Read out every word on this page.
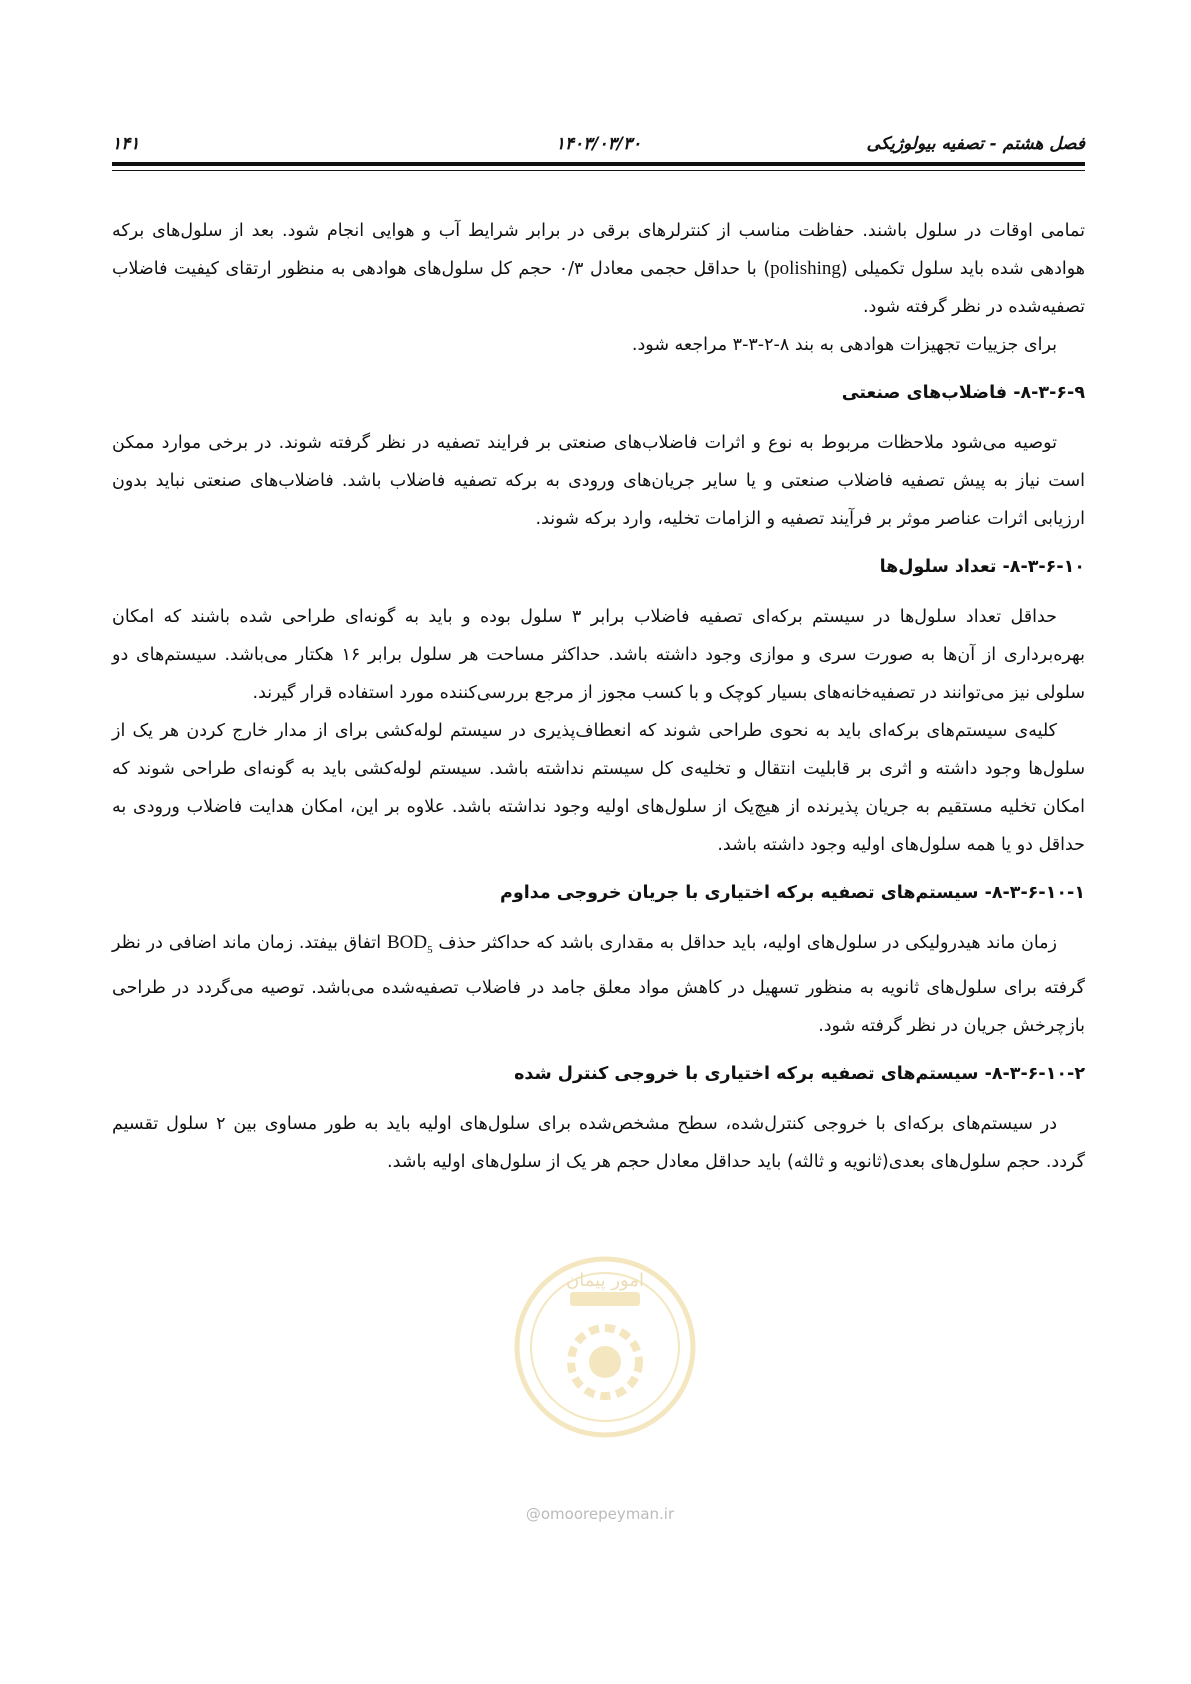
فصل هشتم - تصفیه بیولوژیکی
۱۴۰۳/۰۳/۳۰
۱۴۱

تمامی اوقات در سلول باشند. حفاظت مناسب از کنترلرهای برقی در برابر شرایط آب و هوایی انجام شود. بعد از سلول‌های برکه هوادهی شده باید سلول تکمیلی (polishing) با حداقل حجمی معادل ۰/۳ حجم کل سلول‌های هوادهی به منظور ارتقای کیفیت فاضلاب تصفیه‌شده در نظر گرفته شود.

برای جزییات تجهیزات هوادهی به بند ۸-۲-۳-۳ مراجعه شود.

۸-۳-۶-۹- فاضلاب‌های صنعتی

توصیه می‌شود ملاحظات مربوط به نوع و اثرات فاضلاب‌های صنعتی بر فرایند تصفیه در نظر گرفته شوند. در برخی موارد ممکن است نیاز به پیش تصفیه فاضلاب صنعتی و یا سایر جریان‌های ورودی به برکه تصفیه فاضلاب باشد. فاضلاب‌های صنعتی نباید بدون ارزیابی اثرات عناصر موثر بر فرآیند تصفیه و الزامات تخلیه، وارد برکه شوند.

۸-۳-۶-۱۰- تعداد سلول‌ها

حداقل تعداد سلول‌ها در سیستم برکه‌ای تصفیه فاضلاب برابر ۳ سلول بوده و باید به گونه‌ای طراحی شده باشند که امکان بهره‌برداری از آن‌ها به صورت سری و موازی وجود داشته باشد. حداکثر مساحت هر سلول برابر ۱۶ هکتار می‌باشد. سیستم‌های دو سلولی نیز می‌توانند در تصفیه‌خانه‌های بسیار کوچک و با کسب مجوز از مرجع بررسی‌کننده مورد استفاده قرار گیرند.

کلیه‌ی سیستم‌های برکه‌ای باید به نحوی طراحی شوند که انعطاف‌پذیری در سیستم لوله‌کشی برای از مدار خارج کردن هر یک از سلول‌ها وجود داشته و اثری بر قابلیت انتقال و تخلیه‌ی کل سیستم نداشته باشد. سیستم لوله‌کشی باید به گونه‌ای طراحی شوند که امکان تخلیه مستقیم به جریان پذیرنده از هیچ‌یک از سلول‌های اولیه وجود نداشته باشد. علاوه بر این، امکان هدایت فاضلاب ورودی به حداقل دو یا همه سلول‌های اولیه وجود داشته باشد.

۸-۳-۶-۱۰-۱- سیستم‌های تصفیه برکه اختیاری با جریان خروجی مداوم

زمان ماند هیدرولیکی در سلول‌های اولیه، باید حداقل به مقداری باشد که حداکثر حذف $BOD_5$ اتفاق بیفتد. زمان ماند اضافی در نظر گرفته برای سلول‌های ثانویه به منظور تسهیل در کاهش مواد معلق جامد در فاضلاب تصفیه‌شده می‌باشد. توصیه می‌گردد در طراحی بازچرخش جریان در نظر گرفته شود.

۸-۳-۶-۱۰-۲- سیستم‌های تصفیه برکه اختیاری با خروجی کنترل شده

در سیستم‌های برکه‌ای با خروجی کنترل‌شده، سطح مشخص‌شده برای سلول‌های اولیه باید به طور مساوی بین ۲ سلول تقسیم گردد. حجم سلول‌های بعدی(ثانویه و ثالثه) باید حداقل معادل حجم هر یک از سلول‌های اولیه باشد.

امور پیمان
@omoorepeyman.ir
